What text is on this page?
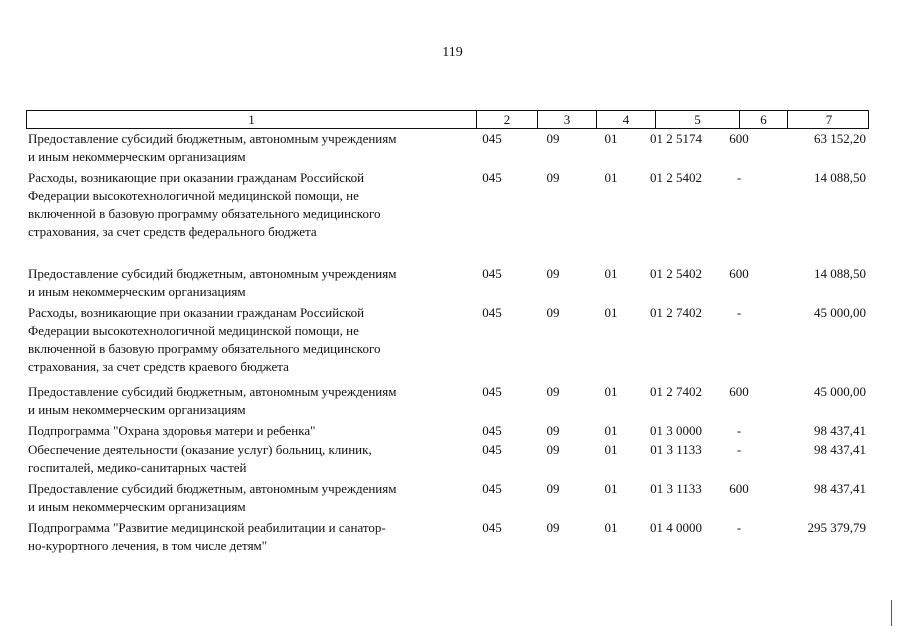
119
1	2	3	4	5	6	7
Предоставление субсидий бюджетным, автономным учреждениям
и иным некоммерческим организациям
045	09	01	01 2 5174	600	63 152,20
Расходы, возникающие при оказании гражданам Российской
Федерации высокотехнологичной медицинской помощи, не
включенной в базовую программу обязательного медицинского
страхования, за счет средств федерального бюджета
045	09	01	01 2 5402	-	14 088,50
Предоставление субсидий бюджетным, автономным учреждениям
и иным некоммерческим организациям
045	09	01	01 2 5402	600	14 088,50
Расходы, возникающие при оказании гражданам Российской
Федерации высокотехнологичной медицинской помощи, не
включенной в базовую программу обязательного медицинского
страхования, за счет средств краевого бюджета
045	09	01	01 2 7402	-	45 000,00
Предоставление субсидий бюджетным, автономным учреждениям
и иным некоммерческим организациям
045	09	01	01 2 7402	600	45 000,00
Подпрограмма "Охрана здоровья матери и ребенка"	045	09	01	01 3 0000	-	98 437,41
Обеспечение деятельности (оказание услуг) больниц, клиник,
госпиталей, медико-санитарных частей
045	09	01	01 3 1133	-	98 437,41
Предоставление субсидий бюджетным, автономным учреждениям
и иным некоммерческим организациям
045	09	01	01 3 1133	600	98 437,41
Подпрограмма "Развитие медицинской реабилитации и санатор-
но-курортного лечения, в том числе детям"
045	09	01	01 4 0000	-	295 379,79
